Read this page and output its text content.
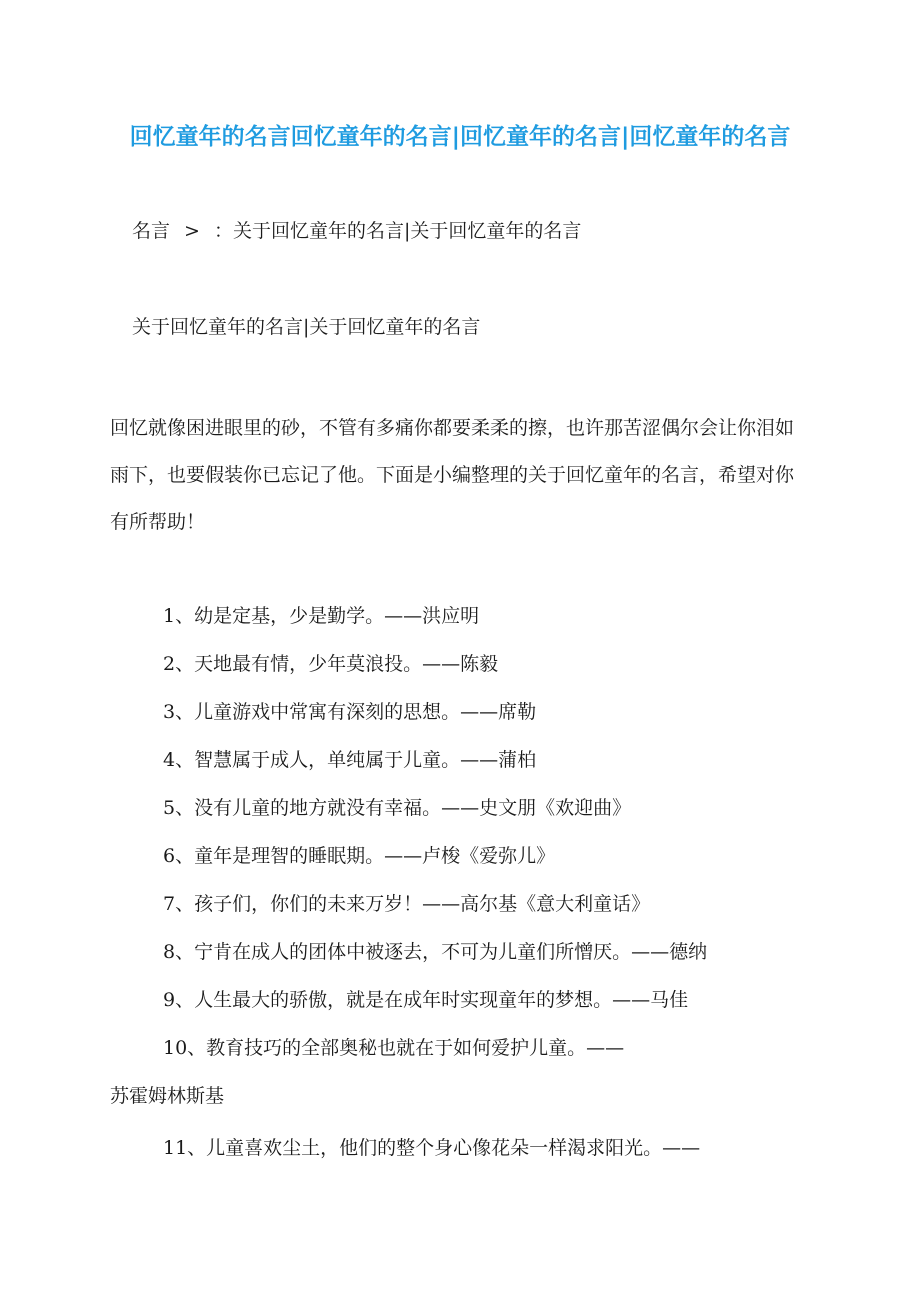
回忆童年的名言回忆童年的名言|回忆童年的名言|回忆童年的名言
名言 > ：关于回忆童年的名言|关于回忆童年的名言

关于回忆童年的名言|关于回忆童年的名言

回忆就像困进眼里的砂，不管有多痛你都要柔柔的擦，也许那苦涩偶尔会让你泪如雨下，也要假装你已忘记了他。下面是小编整理的关于回忆童年的名言，希望对你有所帮助！

1、幼是定基，少是勤学。——洪应明

2、天地最有情，少年莫浪投。——陈毅

3、儿童游戏中常寓有深刻的思想。——席勒

4、智慧属于成人，单纯属于儿童。——蒲柏

5、没有儿童的地方就没有幸福。——史文朋《欢迎曲》

6、童年是理智的睡眠期。——卢梭《爱弥儿》

7、孩子们，你们的未来万岁！——高尔基《意大利童话》

8、宁肯在成人的团体中被逐去，不可为儿童们所憎厌。——德纳

9、人生最大的骄傲，就是在成年时实现童年的梦想。——马佳

10、教育技巧的全部奥秘也就在于如何爱护儿童。——

苏霍姆林斯基

11、儿童喜欢尘土，他们的整个身心像花朵一样渴求阳光。——
